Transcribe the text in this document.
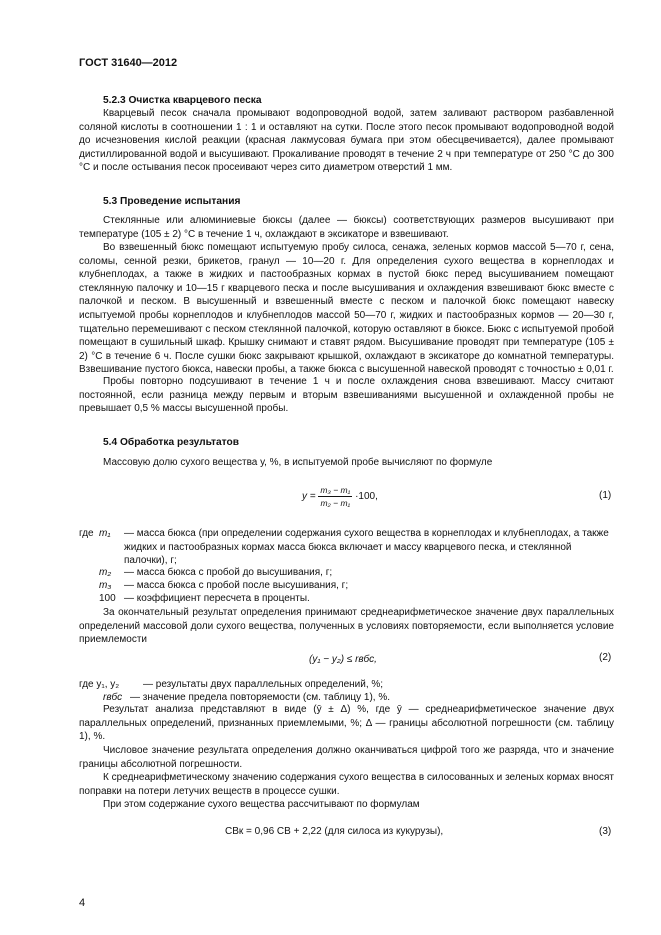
ГОСТ 31640—2012
5.2.3 Очистка кварцевого песка

Кварцевый песок сначала промывают водопроводной водой, затем заливают раствором разбавленной соляной кислоты в соотношении 1 : 1 и оставляют на сутки. После этого песок промывают водопроводной водой до исчезновения кислой реакции (красная лакмусовая бумага при этом обесцвечивается), далее промывают дистиллированной водой и высушивают. Прокаливание проводят в течение 2 ч при температуре от 250 °С до 300 °С и после остывания песок просеивают через сито диаметром отверстий 1 мм.

5.3 Проведение испытания

Стеклянные или алюминиевые бюксы (далее — бюксы) соответствующих размеров высушивают при температуре (105 ± 2) °С в течение 1 ч, охлаждают в эксикаторе и взвешивают.

Во взвешенный бюкс помещают испытуемую пробу силоса, сенажа, зеленых кормов массой 5—70 г, сена, соломы, сенной резки, брикетов, гранул — 10—20 г. Для определения сухого вещества в корнеплодах и клубнеплодах, а также в жидких и пастообразных кормах в пустой бюкс перед высушиванием помещают стеклянную палочку и 10—15 г кварцевого песка и после высушивания и охлаждения взвешивают бюкс вместе с палочкой и песком. В высушенный и взвешенный вместе с песком и палочкой бюкс помещают навеску испытуемой пробы корнеплодов и клубнеплодов массой 50—70 г, жидких и пастообразных кормов — 20—30 г, тщательно перемешивают с песком стеклянной палочкой, которую оставляют в бюксе. Бюкс с испытуемой пробой помещают в сушильный шкаф. Крышку снимают и ставят рядом. Высушивание проводят при температуре (105 ± 2) °С в течение 6 ч. После сушки бюкс закрывают крышкой, охлаждают в эксикаторе до комнатной температуры. Взвешивание пустого бюкса, навески пробы, а также бюкса с высушенной навеской проводят с точностью ± 0,01 г.

Пробы повторно подсушивают в течение 1 ч и после охлаждения снова взвешивают. Массу считают постоянной, если разница между первым и вторым взвешиваниями высушенной и охлажденной пробы не превышает 0,5 % массы высушенной пробы.

5.4 Обработка результатов

Массовую долю сухого вещества у, %, в испытуемой пробе вычисляют по формуле

$у = \frac{\text{m₃ − m₁}}{\text{m₂ − m₁}} \cdot 100$,	(1)
где m₁ — масса бюкса (при определении содержания сухого вещества в корнеплодах и клубнеплодах, а также жидких и пастообразных кормах масса бюкса включает и массу кварцевого песка, и стеклянной палочки), г;

m₂ — масса бюкса с пробой до высушивания, г;

m₃ — масса бюкса с пробой после высушивания, г;

100 — коэффициент пересчета в проценты.

За окончательный результат определения принимают среднеарифметическое значение двух параллельных определений массовой доли сухого вещества, полученных в условиях повторяемости, если выполняется условие приемлемости

(у₁ − у₂) ≤ rвбс,	(2)
где у₁, у₂ — результаты двух параллельных определений, %;

rвбс — значение предела повторяемости (см. таблицу 1), %.

Результат анализа представляют в виде (ȳ ± Δ) %, где ȳ — среднеарифметическое значение двух параллельных определений, признанных приемлемыми, %; Δ — границы абсолютной погрешности (см. таблицу 1), %.

Числовое значение результата определения должно оканчиваться цифрой того же разряда, что и значение границы абсолютной погрешности.

К среднеарифметическому значению содержания сухого вещества в силосованных и зеленых кормах вносят поправки на потери летучих веществ в процессе сушки.

При этом содержание сухого вещества рассчитывают по формулам

СВк = 0,96 СВ + 2,22 (для силоса из кукурузы),	(3)
4
